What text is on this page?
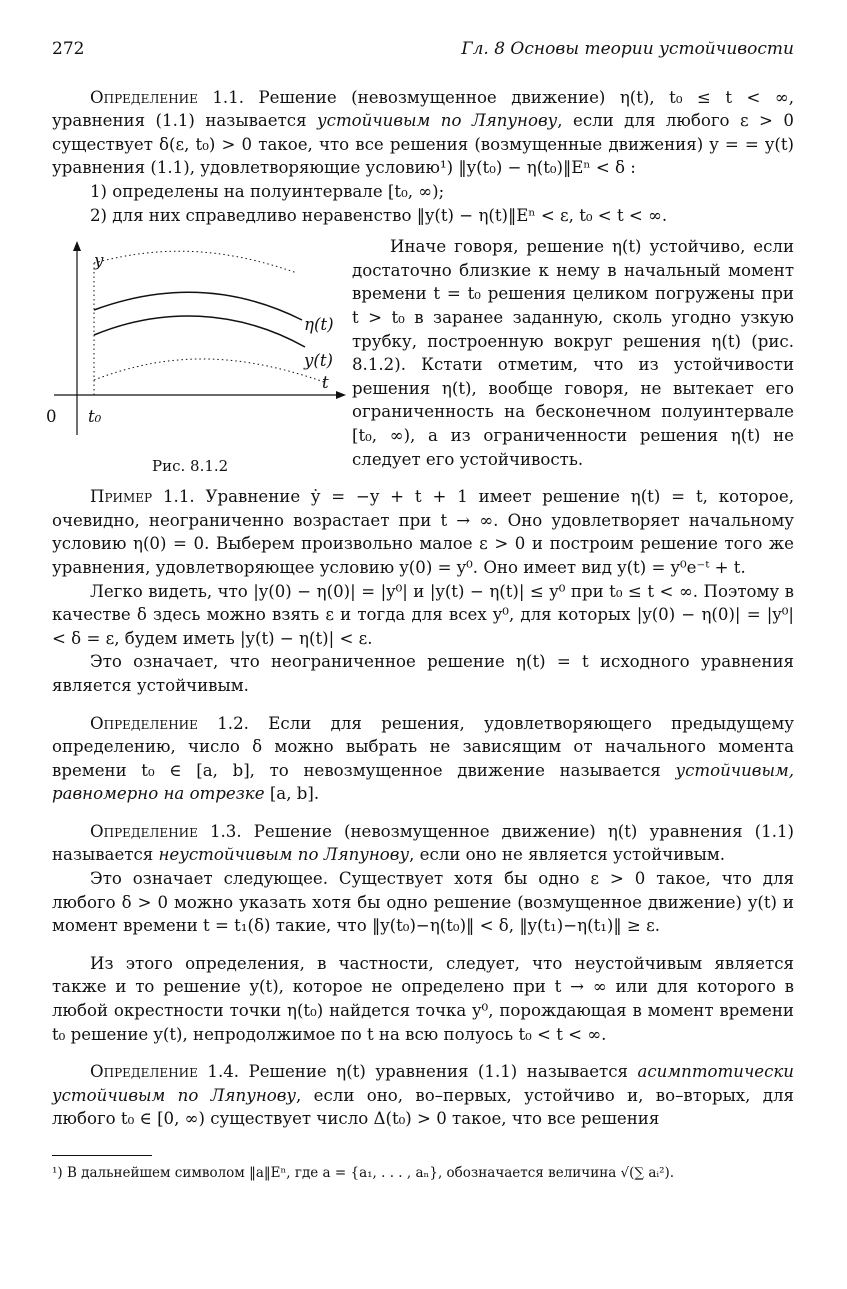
272	Гл. 8 Основы теории устойчивости

Определение 1.1. Решение (невозмущенное движение) η(t), t₀ ≤ t < ∞, уравнения (1.1) называется устойчивым по Ляпунову, если для любого ε > 0 существует δ(ε, t₀) > 0 такое, что все решения (возмущенные движения) y = = y(t) уравнения (1.1), удовлетворяющие условию¹) ‖y(t₀) − η(t₀)‖Eⁿ < δ :

1) определены на полуинтервале [t₀, ∞);

2) для них справедливо неравенство ‖y(t) − η(t)‖Eⁿ < ε, t₀ < t < ∞.

y
η(t)
y(t)
t
0 t₀
Рис. 8.1.2

Иначе говоря, решение η(t) устойчиво, если достаточно близкие к нему в начальный момент времени t = t₀ решения целиком погружены при t > t₀ в заранее заданную, сколь угодно узкую трубку, построенную вокруг решения η(t) (рис. 8.1.2). Кстати отметим, что из устойчивости решения η(t), вообще говоря, не вытекает его ограниченность на бесконечном полуинтервале [t₀, ∞), а из ограниченности решения η(t) не следует его устойчивость.

Пример 1.1. Уравнение ẏ = −y + t + 1 имеет решение η(t) = t, которое, очевидно, неограниченно возрастает при t → ∞. Оно удовлетворяет начальному условию η(0) = 0. Выберем произвольно малое ε > 0 и построим решение того же уравнения, удовлетворяющее условию y(0) = y⁰. Оно имеет вид y(t) = y⁰e⁻ᵗ + t.

Легко видеть, что |y(0) − η(0)| = |y⁰| и |y(t) − η(t)| ≤ y⁰ при t₀ ≤ t < ∞. Поэтому в качестве δ здесь можно взять ε и тогда для всех y⁰, для которых |y(0) − η(0)| = |y⁰| < δ = ε, будем иметь |y(t) − η(t)| < ε.

Это означает, что неограниченное решение η(t) = t исходного уравнения является устойчивым.

Определение 1.2. Если для решения, удовлетворяющего предыдущему определению, число δ можно выбрать не зависящим от начального момента времени t₀ ∈ [a, b], то невозмущенное движение называется устойчивым, равномерно на отрезке [a, b].

Определение 1.3. Решение (невозмущенное движение) η(t) уравнения (1.1) называется неустойчивым по Ляпунову, если оно не является устойчивым.

Это означает следующее. Существует хотя бы одно ε > 0 такое, что для любого δ > 0 можно указать хотя бы одно решение (возмущенное движение) y(t) и момент времени t = t₁(δ) такие, что ‖y(t₀)−η(t₀)‖ < δ, ‖y(t₁)−η(t₁)‖ ≥ ε.

Из этого определения, в частности, следует, что неустойчивым является также и то решение y(t), которое не определено при t → ∞ или для которого в любой окрестности точки η(t₀) найдется точка y⁰, порождающая в момент времени t₀ решение y(t), непродолжимое по t на всю полуось t₀ < t < ∞.

Определение 1.4. Решение η(t) уравнения (1.1) называется асимптотически устойчивым по Ляпунову, если оно, во–первых, устойчиво и, во–вторых, для любого t₀ ∈ [0, ∞) существует число Δ(t₀) > 0 такое, что все решения

¹) В дальнейшем символом ‖a‖Eⁿ, где a = {a₁, . . . , aₙ}, обозначается величина √(∑ aᵢ²).
